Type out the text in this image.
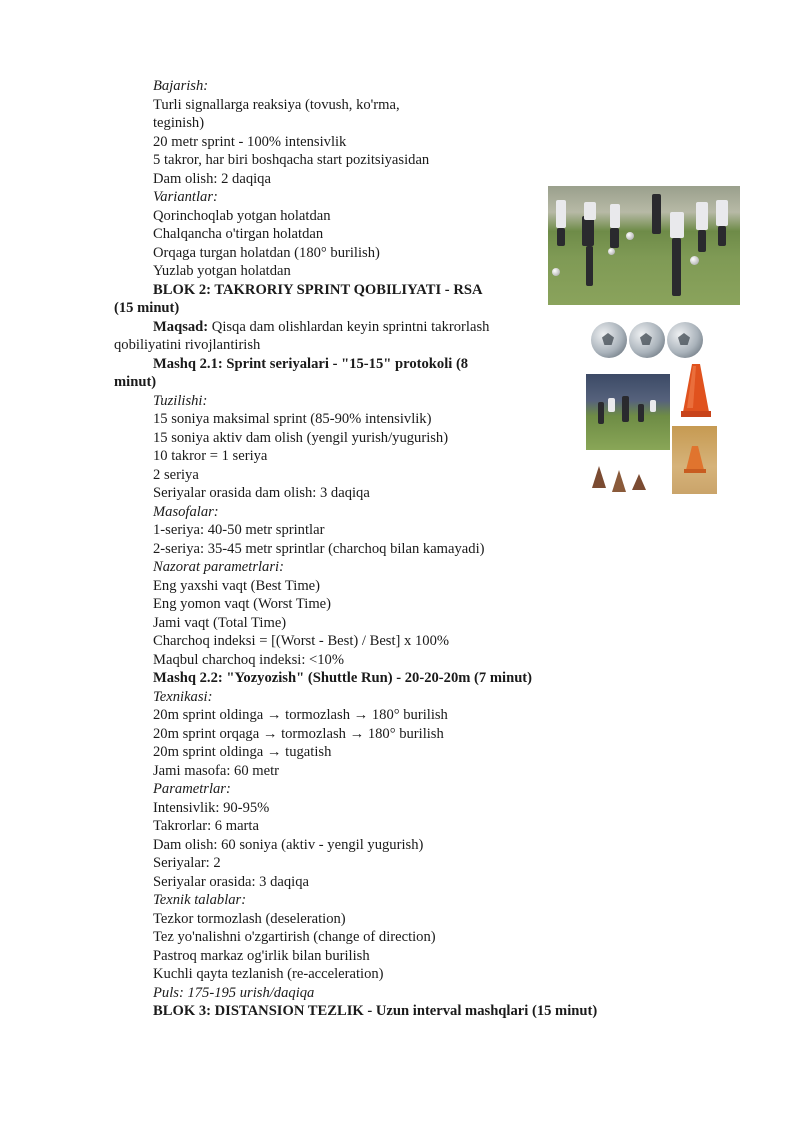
Bajarish:
Turli signallarga reaksiya (tovush, ko'rma,
teginish)
20 metr sprint - 100% intensivlik
5 takror, har biri boshqacha start pozitsiyasidan
Dam olish: 2 daqiqa
Variantlar:
Qorinchoqlab yotgan holatdan
Chalqancha o'tirgan holatdan
Orqaga turgan holatdan (180° burilish)
Yuzlab yotgan holatdan
BLOK 2: TAKRORIY SPRINT QOBILIYATI - RSA
(15 minut)
Maqsad: Qisqa dam olishlardan keyin sprintni takrorlash
qobiliyatini rivojlantirish
Mashq 2.1: Sprint seriyalari - "15-15" protokoli (8
minut)
Tuzilishi:
15 soniya maksimal sprint (85-90% intensivlik)
15 soniya aktiv dam olish (yengil yurish/yugurish)
10 takror = 1 seriya
2 seriya
Seriyalar orasida dam olish: 3 daqiqa
Masofalar:
1-seriya: 40-50 metr sprintlar
2-seriya: 35-45 metr sprintlar (charchoq bilan kamayadi)
Nazorat parametrlari:
Eng yaxshi vaqt (Best Time)
Eng yomon vaqt (Worst Time)
Jami vaqt (Total Time)
Charchoq indeksi = [(Worst - Best) / Best] x 100%
Maqbul charchoq indeksi: <10%
Mashq 2.2: "Yozyozish" (Shuttle Run) - 20-20-20m (7 minut)
Texnikasi:
20m sprint oldinga → tormozlash → 180° burilish
20m sprint orqaga → tormozlash → 180° burilish
20m sprint oldinga → tugatish
Jami masofa: 60 metr
Parametrlar:
Intensivlik: 90-95%
Takrorlar: 6 marta
Dam olish: 60 soniya (aktiv - yengil yugurish)
Seriyalar: 2
Seriyalar orasida: 3 daqiqa
Texnik talablar:
Tezkor tormozlash (deseleration)
Tez yo'nalishni o'zgartirish (change of direction)
Pastroq markaz og'irlik bilan burilish
Kuchli qayta tezlanish (re-acceleration)
Puls: 175-195 urish/daqiqa
BLOK 3: DISTANSION TEZLIK - Uzun interval mashqlari (15 minut)
